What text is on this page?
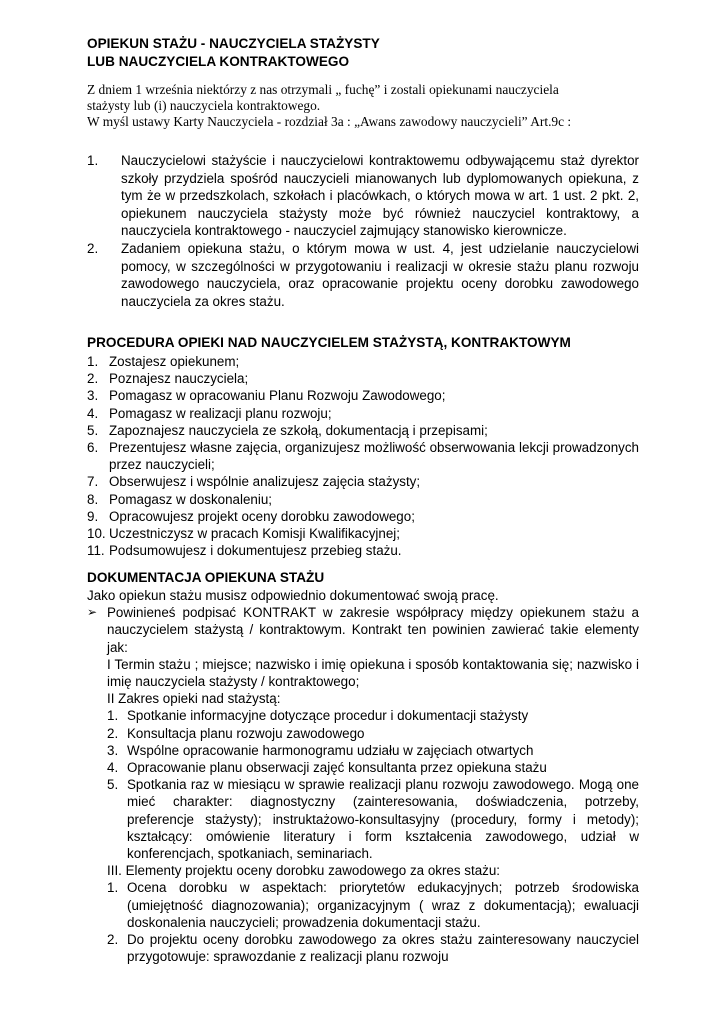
OPIEKUN STAŻU - NAUCZYCIELA STAŻYSTY
LUB NAUCZYCIELA KONTRAKTOWEGO
Z dniem 1 września niektórzy z nas otrzymali „ fuchę” i zostali opiekunami nauczyciela
stażysty lub (i) nauczyciela kontraktowego.
W myśl ustawy Karty Nauczyciela - rozdział 3a : „Awans zawodowy nauczycieli” Art.9c :
1.	Nauczycielowi stażyście i nauczycielowi kontraktowemu odbywającemu staż dyrektor szkoły przydziela spośród nauczycieli mianowanych lub dyplomowanych opiekuna, z tym że w przedszkolach, szkołach i placówkach, o których mowa w art. 1 ust. 2 pkt. 2, opiekunem nauczyciela stażysty może być również nauczyciel kontraktowy, a nauczyciela kontraktowego - nauczyciel zajmujący stanowisko kierownicze.
2.	Zadaniem opiekuna stażu, o którym mowa w ust. 4, jest udzielanie nauczycielowi pomocy, w szczególności w przygotowaniu i realizacji w okresie stażu planu rozwoju zawodowego nauczyciela, oraz opracowanie projektu oceny dorobku zawodowego nauczyciela za okres stażu.
PROCEDURA OPIEKI NAD NAUCZYCIELEM STAŻYSTĄ, KONTRAKTOWYM
1. Zostajesz opiekunem;
2. Poznajesz nauczyciela;
3. Pomagasz w opracowaniu Planu Rozwoju Zawodowego;
4. Pomagasz w realizacji planu rozwoju;
5. Zapoznajesz nauczyciela ze szkołą, dokumentacją i przepisami;
6. Prezentujesz własne zajęcia, organizujesz możliwość obserwowania lekcji prowadzonych przez nauczycieli;
7. Obserwujesz i wspólnie analizujesz zajęcia stażysty;
8. Pomagasz w doskonaleniu;
9. Opracowujesz projekt oceny dorobku zawodowego;
10. Uczestniczysz w pracach Komisji Kwalifikacyjnej;
11. Podsumowujesz i dokumentujesz przebieg stażu.
DOKUMENTACJA OPIEKUNA STAŻU
Jako opiekun stażu musisz odpowiednio dokumentować swoją pracę.
➢ Powinieneś podpisać KONTRAKT w zakresie współpracy między opiekunem stażu a nauczycielem stażystą / kontraktowym. Kontrakt ten powinien zawierać takie elementy jak:
I Termin stażu ; miejsce; nazwisko i imię opiekuna i sposób kontaktowania się; nazwisko i imię nauczyciela stażysty / kontraktowego;
II Zakres opieki nad stażystą:
1. Spotkanie informacyjne dotyczące procedur i dokumentacji stażysty
2. Konsultacja planu rozwoju zawodowego
3. Wspólne opracowanie harmonogramu udziału w zajęciach otwartych
4. Opracowanie planu obserwacji zajęć konsultanta przez opiekuna stażu
5. Spotkania raz w miesiącu w sprawie realizacji planu rozwoju zawodowego. Mogą one mieć charakter: diagnostyczny (zainteresowania, doświadczenia, potrzeby, preferencje stażysty); instruktażowo-konsultasyjny (procedury, formy i metody); kształcący: omówienie literatury i form kształcenia zawodowego, udział w konferencjach, spotkaniach, seminariach.
III. Elementy projektu oceny dorobku zawodowego za okres stażu:
1. Ocena dorobku w aspektach: priorytetów edukacyjnych; potrzeb środowiska (umiejętność diagnozowania); organizacyjnym ( wraz z dokumentacją); ewaluacji doskonalenia nauczycieli; prowadzenia dokumentacji stażu.
2. Do projektu oceny dorobku zawodowego za okres stażu zainteresowany nauczyciel przygotowuje: sprawozdanie z realizacji planu rozwoju
